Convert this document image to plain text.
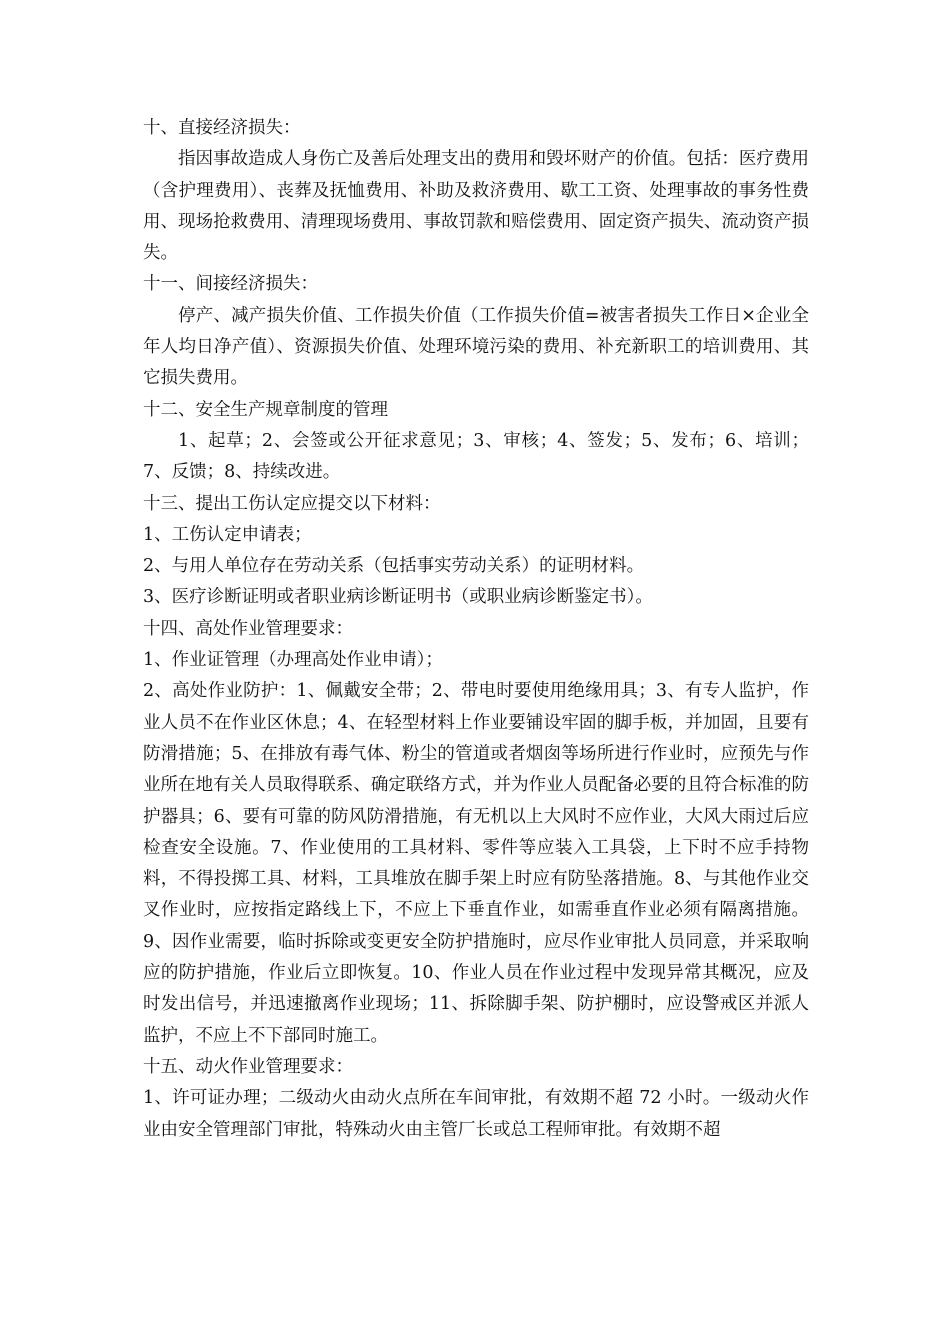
十、直接经济损失：

指因事故造成人身伤亡及善后处理支出的费用和毁坏财产的价值。包括：医疗费用（含护理费用）、丧葬及抚恤费用、补助及救济费用、歇工工资、处理事故的事务性费用、现场抢救费用、清理现场费用、事故罚款和赔偿费用、固定资产损失、流动资产损失。

十一、间接经济损失：

停产、减产损失价值、工作损失价值（工作损失价值=被害者损失工作日×企业全年人均日净产值）、资源损失价值、处理环境污染的费用、补充新职工的培训费用、其它损失费用。

十二、安全生产规章制度的管理

1、起草；2、会签或公开征求意见；3、审核；4、签发；5、发布；6、培训；7、反馈；8、持续改进。

十三、提出工伤认定应提交以下材料：

1、工伤认定申请表；

2、与用人单位存在劳动关系（包括事实劳动关系）的证明材料。

3、医疗诊断证明或者职业病诊断证明书（或职业病诊断鉴定书）。

十四、高处作业管理要求：

1、作业证管理（办理高处作业申请）；

2、高处作业防护：1、佩戴安全带；2、带电时要使用绝缘用具；3、有专人监护，作业人员不在作业区休息；4、在轻型材料上作业要铺设牢固的脚手板，并加固，且要有防滑措施；5、在排放有毒气体、粉尘的管道或者烟囱等场所进行作业时，应预先与作业所在地有关人员取得联系、确定联络方式，并为作业人员配备必要的且符合标准的防护器具；6、要有可靠的防风防滑措施，有无机以上大风时不应作业，大风大雨过后应检查安全设施。7、作业使用的工具材料、零件等应装入工具袋，上下时不应手持物料，不得投掷工具、材料，工具堆放在脚手架上时应有防坠落措施。8、与其他作业交叉作业时，应按指定路线上下，不应上下垂直作业，如需垂直作业必须有隔离措施。9、因作业需要，临时拆除或变更安全防护措施时，应尽作业审批人员同意，并采取响应的防护措施，作业后立即恢复。10、作业人员在作业过程中发现异常其概况，应及时发出信号，并迅速撤离作业现场；11、拆除脚手架、防护棚时，应设警戒区并派人监护，不应上不下部同时施工。

十五、动火作业管理要求：

1、许可证办理；二级动火由动火点所在车间审批，有效期不超 72 小时。一级动火作业由安全管理部门审批，特殊动火由主管厂长或总工程师审批。有效期不超
